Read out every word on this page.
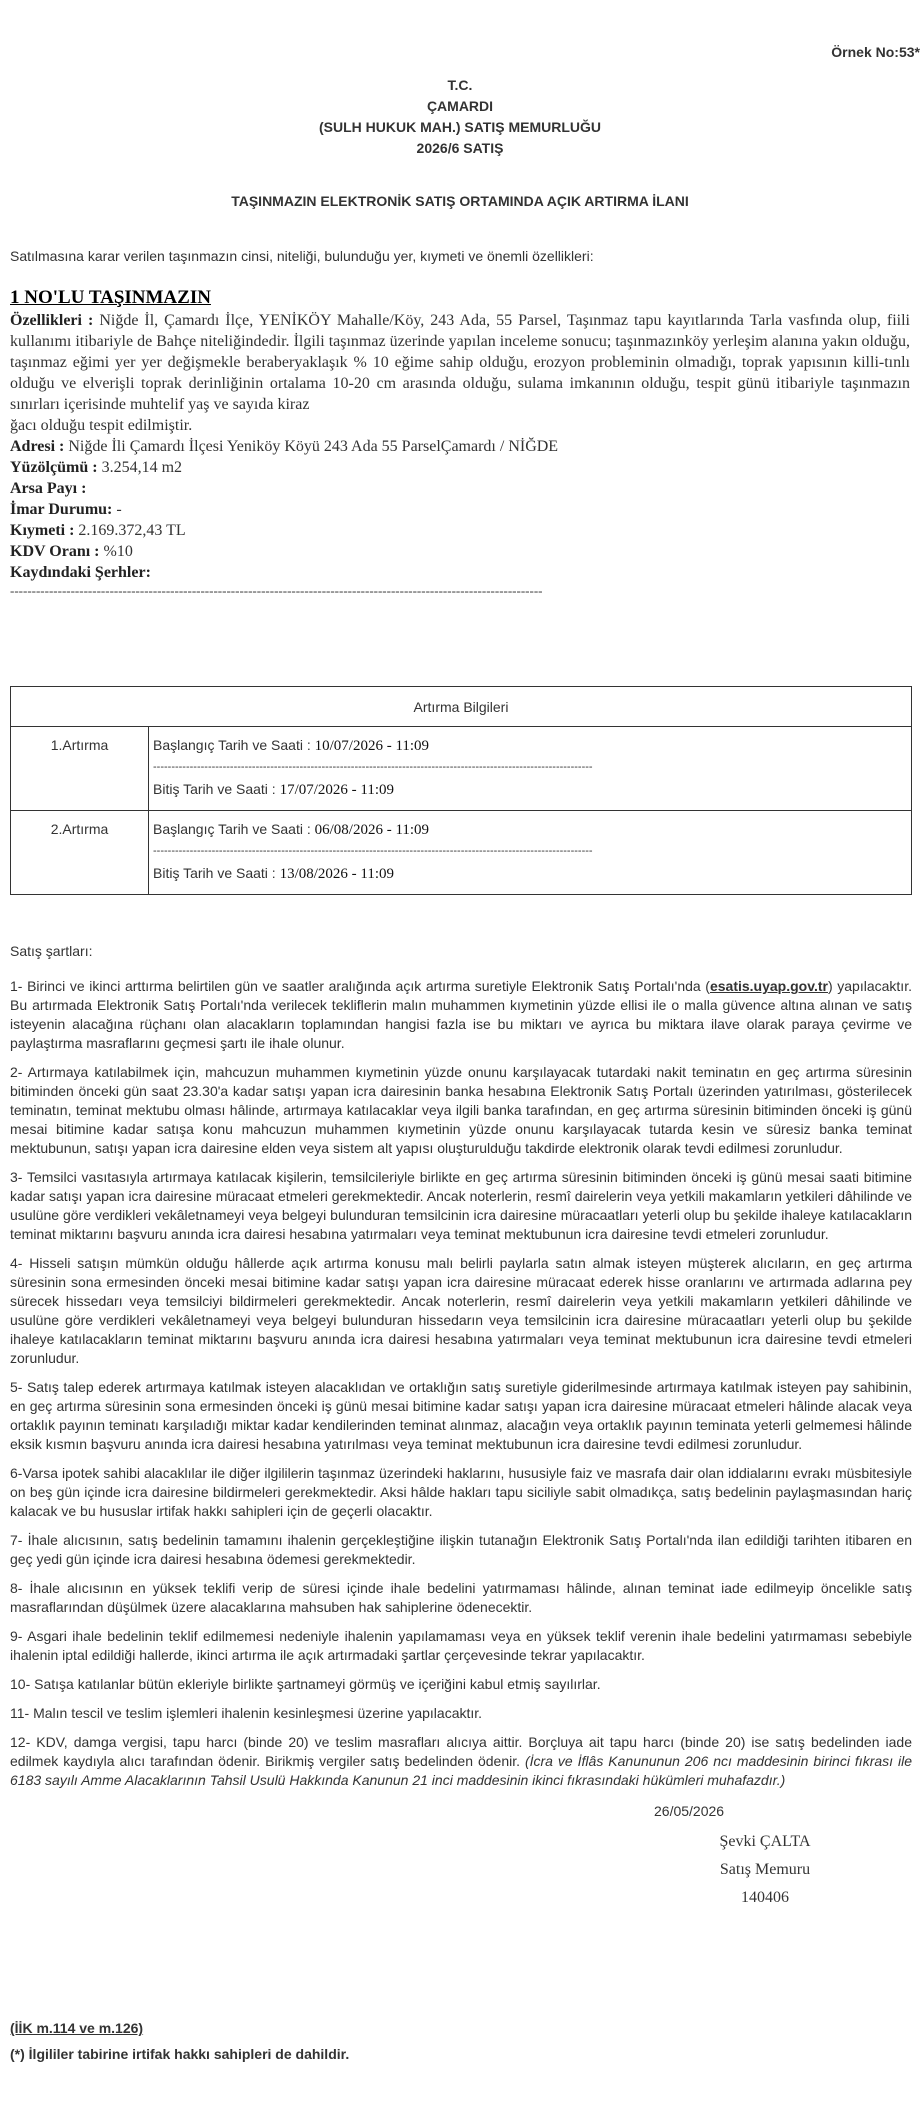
Örnek No:53*
T.C.
ÇAMARDI
(SULH HUKUK MAH.) SATIŞ MEMURLUĞU
2026/6 SATIŞ
TAŞINMAZIN ELEKTRONİK SATIŞ ORTAMINDA AÇIK ARTIRMA İLANI
Satılmasına karar verilen taşınmazın cinsi, niteliği, bulunduğu yer, kıymeti ve önemli özellikleri:
1 NO'LU TAŞINMAZIN
Özellikleri : Niğde İl, Çamardı İlçe, YENİKÖY Mahalle/Köy, 243 Ada, 55 Parsel, Taşınmaz tapu kayıtlarında Tarla vasfında olup, fiili kullanımı itibariyle de Bahçe niteliğindedir. İlgili taşınmaz üzerinde yapılan inceleme sonucu; taşınmazınköy yerleşim alanına yakın olduğu, taşınmaz eğimi yer yer değişmekle beraberyaklaşık % 10 eğime sahip olduğu, erozyon probleminin olmadığı, toprak yapısının killi-tınlı olduğu ve elverişli toprak derinliğinin ortalama 10-20 cm arasında olduğu, sulama imkanının olduğu, tespit günü itibariyle taşınmazın sınırları içerisinde muhtelif yaş ve sayıda kiraz
ğacı olduğu tespit edilmiştir.
Adresi : Niğde İli Çamardı İlçesi Yeniköy Köyü 243 Ada 55 ParselÇamardı / NİĞDE
Yüzölçümü : 3.254,14 m2
Arsa Payı :
İmar Durumu: -
Kıymeti : 2.169.372,43 TL
KDV Oranı : %10
Kaydındaki Şerhler:
---------------------------------------------------------------------------------------------------------------------------
Artırma Bilgileri	
1.Artırma	Başlangıç Tarih ve Saati : 10/07/2026 - 11:09
------------------------------------------------------------------------------------------------------------------------
Bitiş Tarih ve Saati : 17/07/2026 - 11:09

2.Artırma	Başlangıç Tarih ve Saati : 06/08/2026 - 11:09
------------------------------------------------------------------------------------------------------------------------
Bitiş Tarih ve Saati : 13/08/2026 - 11:09
Satış şartları:

1- Birinci ve ikinci arttırma belirtilen gün ve saatler aralığında açık artırma suretiyle Elektronik Satış Portalı'nda (esatis.uyap.gov.tr) yapılacaktır. Bu artırmada Elektronik Satış Portalı'nda verilecek tekliflerin malın muhammen kıymetinin yüzde ellisi ile o malla güvence altına alınan ve satış isteyenin alacağına rüçhanı olan alacakların toplamından hangisi fazla ise bu miktarı ve ayrıca bu miktara ilave olarak paraya çevirme ve paylaştırma masraflarını geçmesi şartı ile ihale olunur.

2- Artırmaya katılabilmek için, mahcuzun muhammen kıymetinin yüzde onunu karşılayacak tutardaki nakit teminatın en geç artırma süresinin bitiminden önceki gün saat 23.30'a kadar satışı yapan icra dairesinin banka hesabına Elektronik Satış Portalı üzerinden yatırılması, gösterilecek teminatın, teminat mektubu olması hâlinde, artırmaya katılacaklar veya ilgili banka tarafından, en geç artırma süresinin bitiminden önceki iş günü mesai bitimine kadar satışa konu mahcuzun muhammen kıymetinin yüzde onunu karşılayacak tutarda kesin ve süresiz banka teminat mektubunun, satışı yapan icra dairesine elden veya sistem alt yapısı oluşturulduğu takdirde elektronik olarak tevdi edilmesi zorunludur.

3- Temsilci vasıtasıyla artırmaya katılacak kişilerin, temsilcileriyle birlikte en geç artırma süresinin bitiminden önceki iş günü mesai saati bitimine kadar satışı yapan icra dairesine müracaat etmeleri gerekmektedir. Ancak noterlerin, resmî dairelerin veya yetkili makamların yetkileri dâhilinde ve usulüne göre verdikleri vekâletnameyi veya belgeyi bulunduran temsilcinin icra dairesine müracaatları yeterli olup bu şekilde ihaleye katılacakların teminat miktarını başvuru anında icra dairesi hesabına yatırmaları veya teminat mektubunun icra dairesine tevdi etmeleri zorunludur.

4- Hisseli satışın mümkün olduğu hâllerde açık artırma konusu malı belirli paylarla satın almak isteyen müşterek alıcıların, en geç artırma süresinin sona ermesinden önceki mesai bitimine kadar satışı yapan icra dairesine müracaat ederek hisse oranlarını ve artırmada adlarına pey sürecek hissedarı veya temsilciyi bildirmeleri gerekmektedir. Ancak noterlerin, resmî dairelerin veya yetkili makamların yetkileri dâhilinde ve usulüne göre verdikleri vekâletnameyi veya belgeyi bulunduran hissedarın veya temsilcinin icra dairesine müracaatları yeterli olup bu şekilde ihaleye katılacakların teminat miktarını başvuru anında icra dairesi hesabına yatırmaları veya teminat mektubunun icra dairesine tevdi etmeleri zorunludur.

5- Satış talep ederek artırmaya katılmak isteyen alacaklıdan ve ortaklığın satış suretiyle giderilmesinde artırmaya katılmak isteyen pay sahibinin, en geç artırma süresinin sona ermesinden önceki iş günü mesai bitimine kadar satışı yapan icra dairesine müracaat etmeleri hâlinde alacak veya ortaklık payının teminatı karşıladığı miktar kadar kendilerinden teminat alınmaz, alacağın veya ortaklık payının teminata yeterli gelmemesi hâlinde eksik kısmın başvuru anında icra dairesi hesabına yatırılması veya teminat mektubunun icra dairesine tevdi edilmesi zorunludur.

6-Varsa ipotek sahibi alacaklılar ile diğer ilgililerin taşınmaz üzerindeki haklarını, hususiyle faiz ve masrafa dair olan iddialarını evrakı müsbitesiyle on beş gün içinde icra dairesine bildirmeleri gerekmektedir. Aksi hâlde hakları tapu siciliyle sabit olmadıkça, satış bedelinin paylaşmasından hariç kalacak ve bu hususlar irtifak hakkı sahipleri için de geçerli olacaktır.

7- İhale alıcısının, satış bedelinin tamamını ihalenin gerçekleştiğine ilişkin tutanağın Elektronik Satış Portalı'nda ilan edildiği tarihten itibaren en geç yedi gün içinde icra dairesi hesabına ödemesi gerekmektedir.

8- İhale alıcısının en yüksek teklifi verip de süresi içinde ihale bedelini yatırmaması hâlinde, alınan teminat iade edilmeyip öncelikle satış masraflarından düşülmek üzere alacaklarına mahsuben hak sahiplerine ödenecektir.

9- Asgari ihale bedelinin teklif edilmemesi nedeniyle ihalenin yapılamaması veya en yüksek teklif verenin ihale bedelini yatırmaması sebebiyle ihalenin iptal edildiği hallerde, ikinci artırma ile açık artırmadaki şartlar çerçevesinde tekrar yapılacaktır.

10- Satışa katılanlar bütün ekleriyle birlikte şartnameyi görmüş ve içeriğini kabul etmiş sayılırlar.

11- Malın tescil ve teslim işlemleri ihalenin kesinleşmesi üzerine yapılacaktır.

12- KDV, damga vergisi, tapu harcı (binde 20) ve teslim masrafları alıcıya aittir. Borçluya ait tapu harcı (binde 20) ise satış bedelinden iade edilmek kaydıyla alıcı tarafından ödenir. Birikmiş vergiler satış bedelinden ödenir. (İcra ve İflâs Kanununun 206 ncı maddesinin birinci fıkrası ile 6183 sayılı Amme Alacaklarının Tahsil Usulü Hakkında Kanunun 21 inci maddesinin ikinci fıkrasındaki hükümleri muhafazdır.)

26/05/2026
Şevki ÇALTA
Satış Memuru
140406
(İİK m.114 ve m.126)
(*) İlgililer tabirine irtifak hakkı sahipleri de dahildir.
